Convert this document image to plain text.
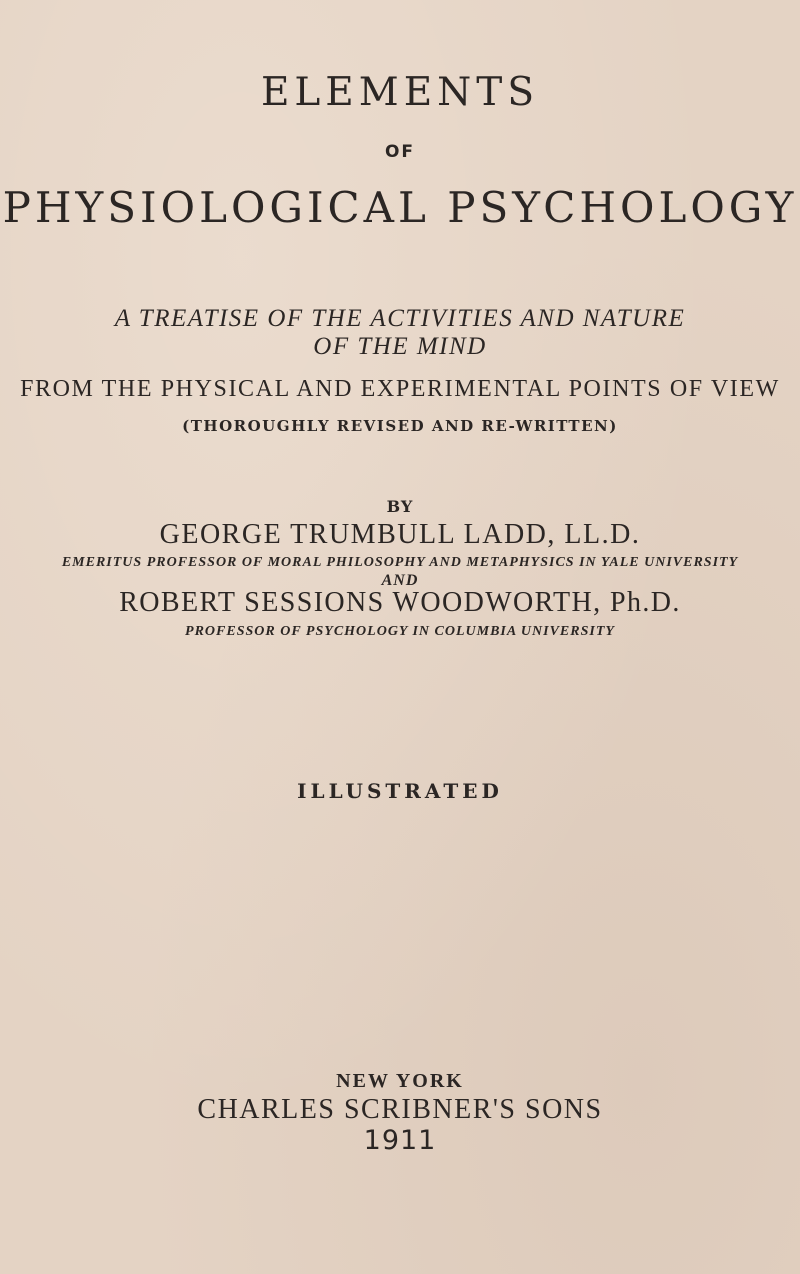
ELEMENTS
OF
PHYSIOLOGICAL PSYCHOLOGY
A TREATISE OF THE ACTIVITIES AND NATURE
OF THE MIND
FROM THE PHYSICAL AND EXPERIMENTAL POINTS OF VIEW
(THOROUGHLY REVISED AND RE-WRITTEN)
BY
GEORGE TRUMBULL LADD, LL.D.
EMERITUS PROFESSOR OF MORAL PHILOSOPHY AND METAPHYSICS IN YALE UNIVERSITY
AND
ROBERT SESSIONS WOODWORTH, Ph.D.
PROFESSOR OF PSYCHOLOGY IN COLUMBIA UNIVERSITY
ILLUSTRATED
NEW YORK
CHARLES SCRIBNER'S SONS
1911
